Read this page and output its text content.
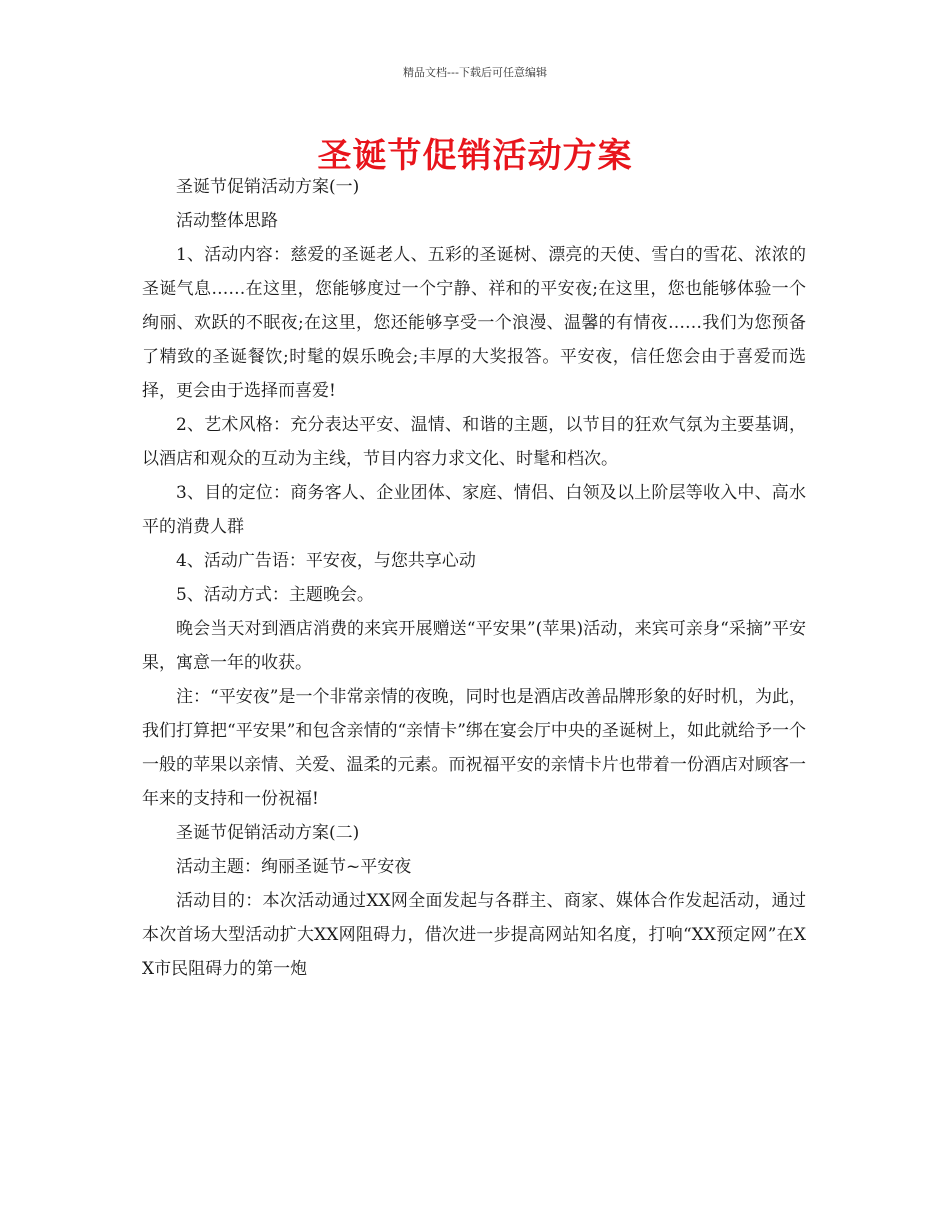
精品文档---下载后可任意编辑
圣诞节促销活动方案

圣诞节促销活动方案(一)

活动整体思路

1、活动内容：慈爱的圣诞老人、五彩的圣诞树、漂亮的天使、雪白的雪花、浓浓的圣诞气息……在这里，您能够度过一个宁静、祥和的平安夜;在这里，您也能够体验一个绚丽、欢跃的不眠夜;在这里，您还能够享受一个浪漫、温馨的有情夜……我们为您预备了精致的圣诞餐饮;时髦的娱乐晚会;丰厚的大奖报答。平安夜，信任您会由于喜爱而选择，更会由于选择而喜爱!

2、艺术风格：充分表达平安、温情、和谐的主题，以节目的狂欢气氛为主要基调，以酒店和观众的互动为主线，节目内容力求文化、时髦和档次。

3、目的定位：商务客人、企业团体、家庭、情侣、白领及以上阶层等收入中、高水平的消费人群

4、活动广告语：平安夜，与您共享心动

5、活动方式：主题晚会。

晚会当天对到酒店消费的来宾开展赠送“平安果”(苹果)活动，来宾可亲身“采摘”平安果，寓意一年的收获。

注：“平安夜”是一个非常亲情的夜晚，同时也是酒店改善品牌形象的好时机，为此，我们打算把“平安果”和包含亲情的“亲情卡”绑在宴会厅中央的圣诞树上，如此就给予一个一般的苹果以亲情、关爱、温柔的元素。而祝福平安的亲情卡片也带着一份酒店对顾客一年来的支持和一份祝福!

圣诞节促销活动方案(二)

活动主题：绚丽圣诞节~平安夜

活动目的：本次活动通过XX网全面发起与各群主、商家、媒体合作发起活动，通过本次首场大型活动扩大XX网阻碍力，借次进一步提高网站知名度，打响“XX预定网”在XX市民阻碍力的第一炮
